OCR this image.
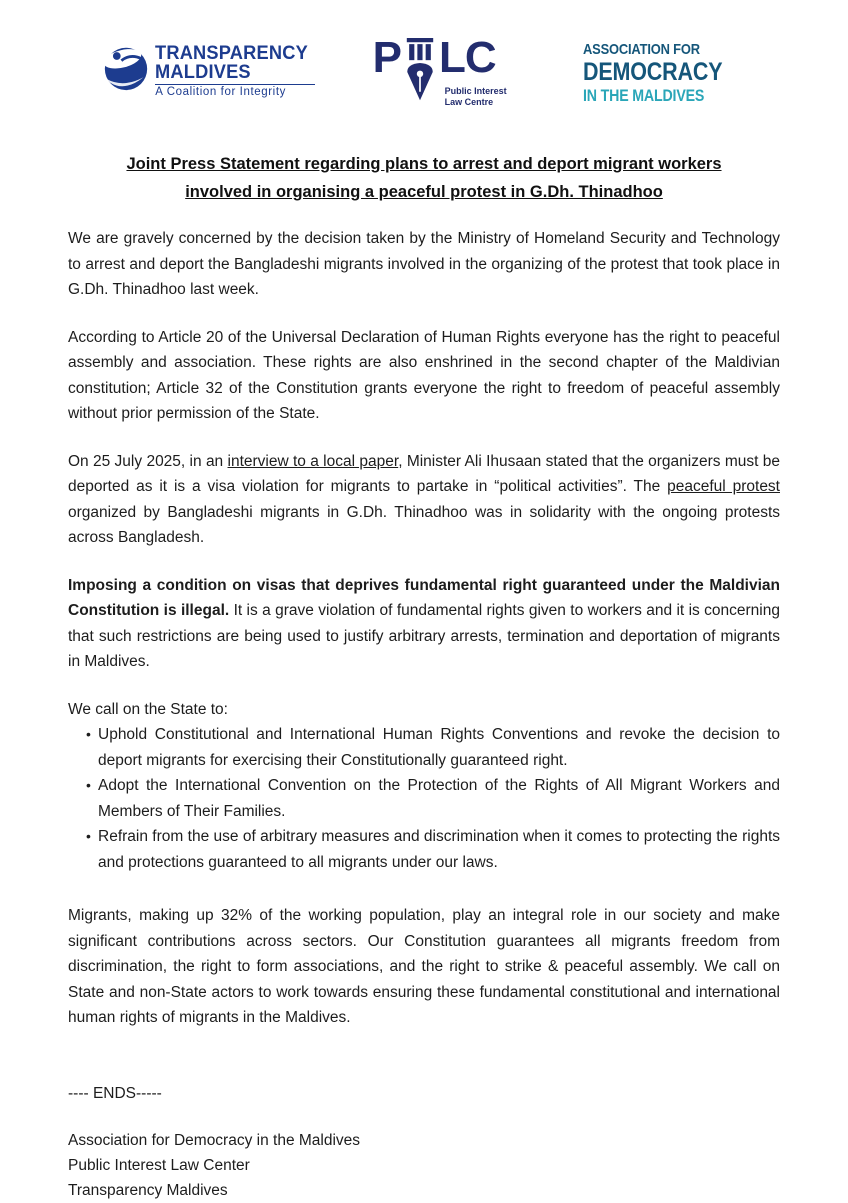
TRANSPARENCY
MALDIVES
A Coalition for Integrity
P LC
Public Interest
Law Centre
ASSOCIATION FOR
DEMOCRACY
IN THE MALDIVES
Joint Press Statement regarding plans to arrest and deport migrant workers
involved in organising a peaceful protest in G.Dh. Thinadhoo

We are gravely concerned by the decision taken by the Ministry of Homeland Security and Technology to arrest and deport the Bangladeshi migrants involved in the organizing of the protest that took place in G.Dh. Thinadhoo last week.

According to Article 20 of the Universal Declaration of Human Rights everyone has the right to peaceful assembly and association. These rights are also enshrined in the second chapter of the Maldivian constitution; Article 32 of the Constitution grants everyone the right to freedom of peaceful assembly without prior permission of the State.

On 25 July 2025, in an interview to a local paper, Minister Ali Ihusaan stated that the organizers must be deported as it is a visa violation for migrants to partake in “political activities”. The peaceful protest organized by Bangladeshi migrants in G.Dh. Thinadhoo was in solidarity with the ongoing protests across Bangladesh.

Imposing a condition on visas that deprives fundamental right guaranteed under the Maldivian Constitution is illegal. It is a grave violation of fundamental rights given to workers and it is concerning that such restrictions are being used to justify arbitrary arrests, termination and deportation of migrants in Maldives.

We call on the State to:

• Uphold Constitutional and International Human Rights Conventions and revoke the decision to deport migrants for exercising their Constitutionally guaranteed right.
• Adopt the International Convention on the Protection of the Rights of All Migrant Workers and Members of Their Families.
• Refrain from the use of arbitrary measures and discrimination when it comes to protecting the rights and protections guaranteed to all migrants under our laws.

Migrants, making up 32% of the working population, play an integral role in our society and make significant contributions across sectors. Our Constitution guarantees all migrants freedom from discrimination, the right to form associations, and the right to strike & peaceful assembly. We call on State and non-State actors to work towards ensuring these fundamental constitutional and international human rights of migrants in the Maldives.

---- ENDS-----

Association for Democracy in the Maldives
Public Interest Law Center
Transparency Maldives
